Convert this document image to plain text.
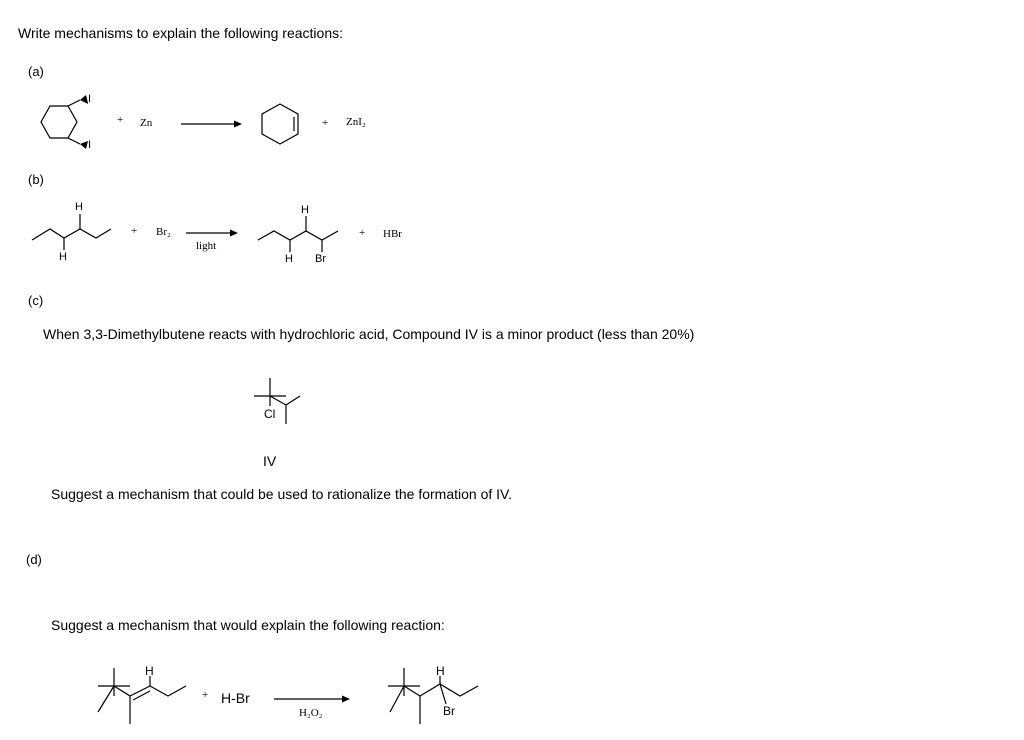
Write mechanisms to explain the following reactions:
(a)
I
I
+ Zn	+ ZnI₂
(b)
H
H
+ Br₂
light
H
H Br
+ HBr
(c)
When 3,3-Dimethylbutene reacts with hydrochloric acid, Compound IV is a minor product (less than 20%)
Cl
IV
Suggest a mechanism that could be used to rationalize the formation of IV.
(d)
Suggest a mechanism that would explain the following reaction:
H
+ H-Br
H₂O₂
H
Br
